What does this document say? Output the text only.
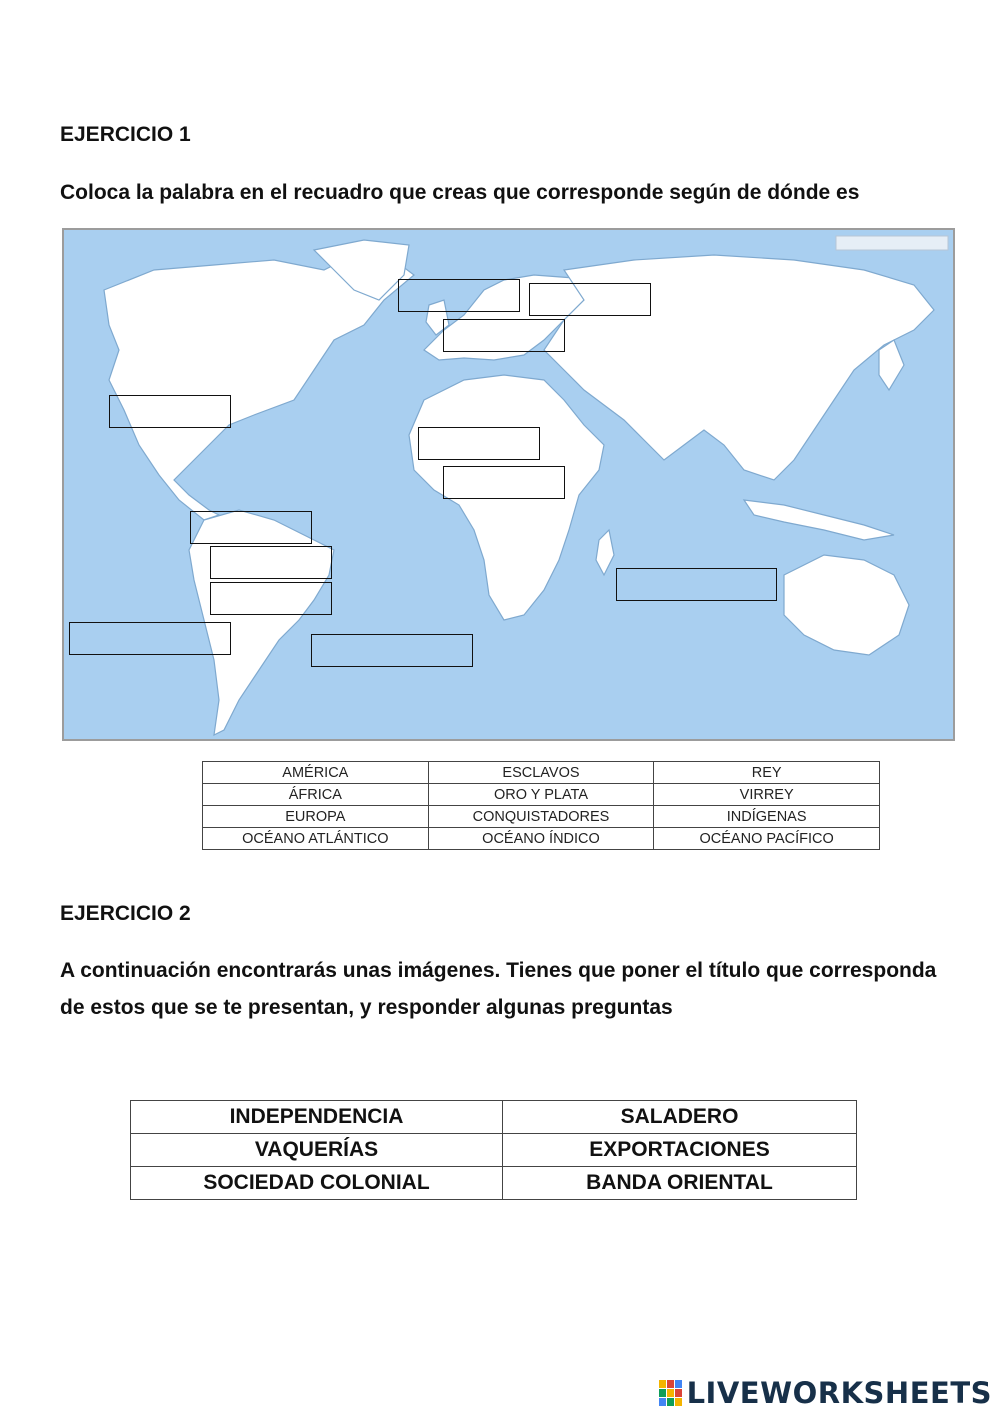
EJERCICIO 1
Coloca la palabra en el recuadro que creas que corresponde según de dónde es
AMÉRICA	ESCLAVOS	REY
ÁFRICA	ORO Y PLATA	VIRREY
EUROPA	CONQUISTADORES	INDÍGENAS
OCÉANO ATLÁNTICO	OCÉANO ÍNDICO	OCÉANO PACÍFICO
EJERCICIO 2
A continuación encontrarás unas imágenes. Tienes que poner el título que corresponda de estos que se te presentan, y responder algunas preguntas
INDEPENDENCIA	SALADERO
VAQUERÍAS	EXPORTACIONES
SOCIEDAD COLONIAL	BANDA ORIENTAL
LIVEWORKSHEETS
